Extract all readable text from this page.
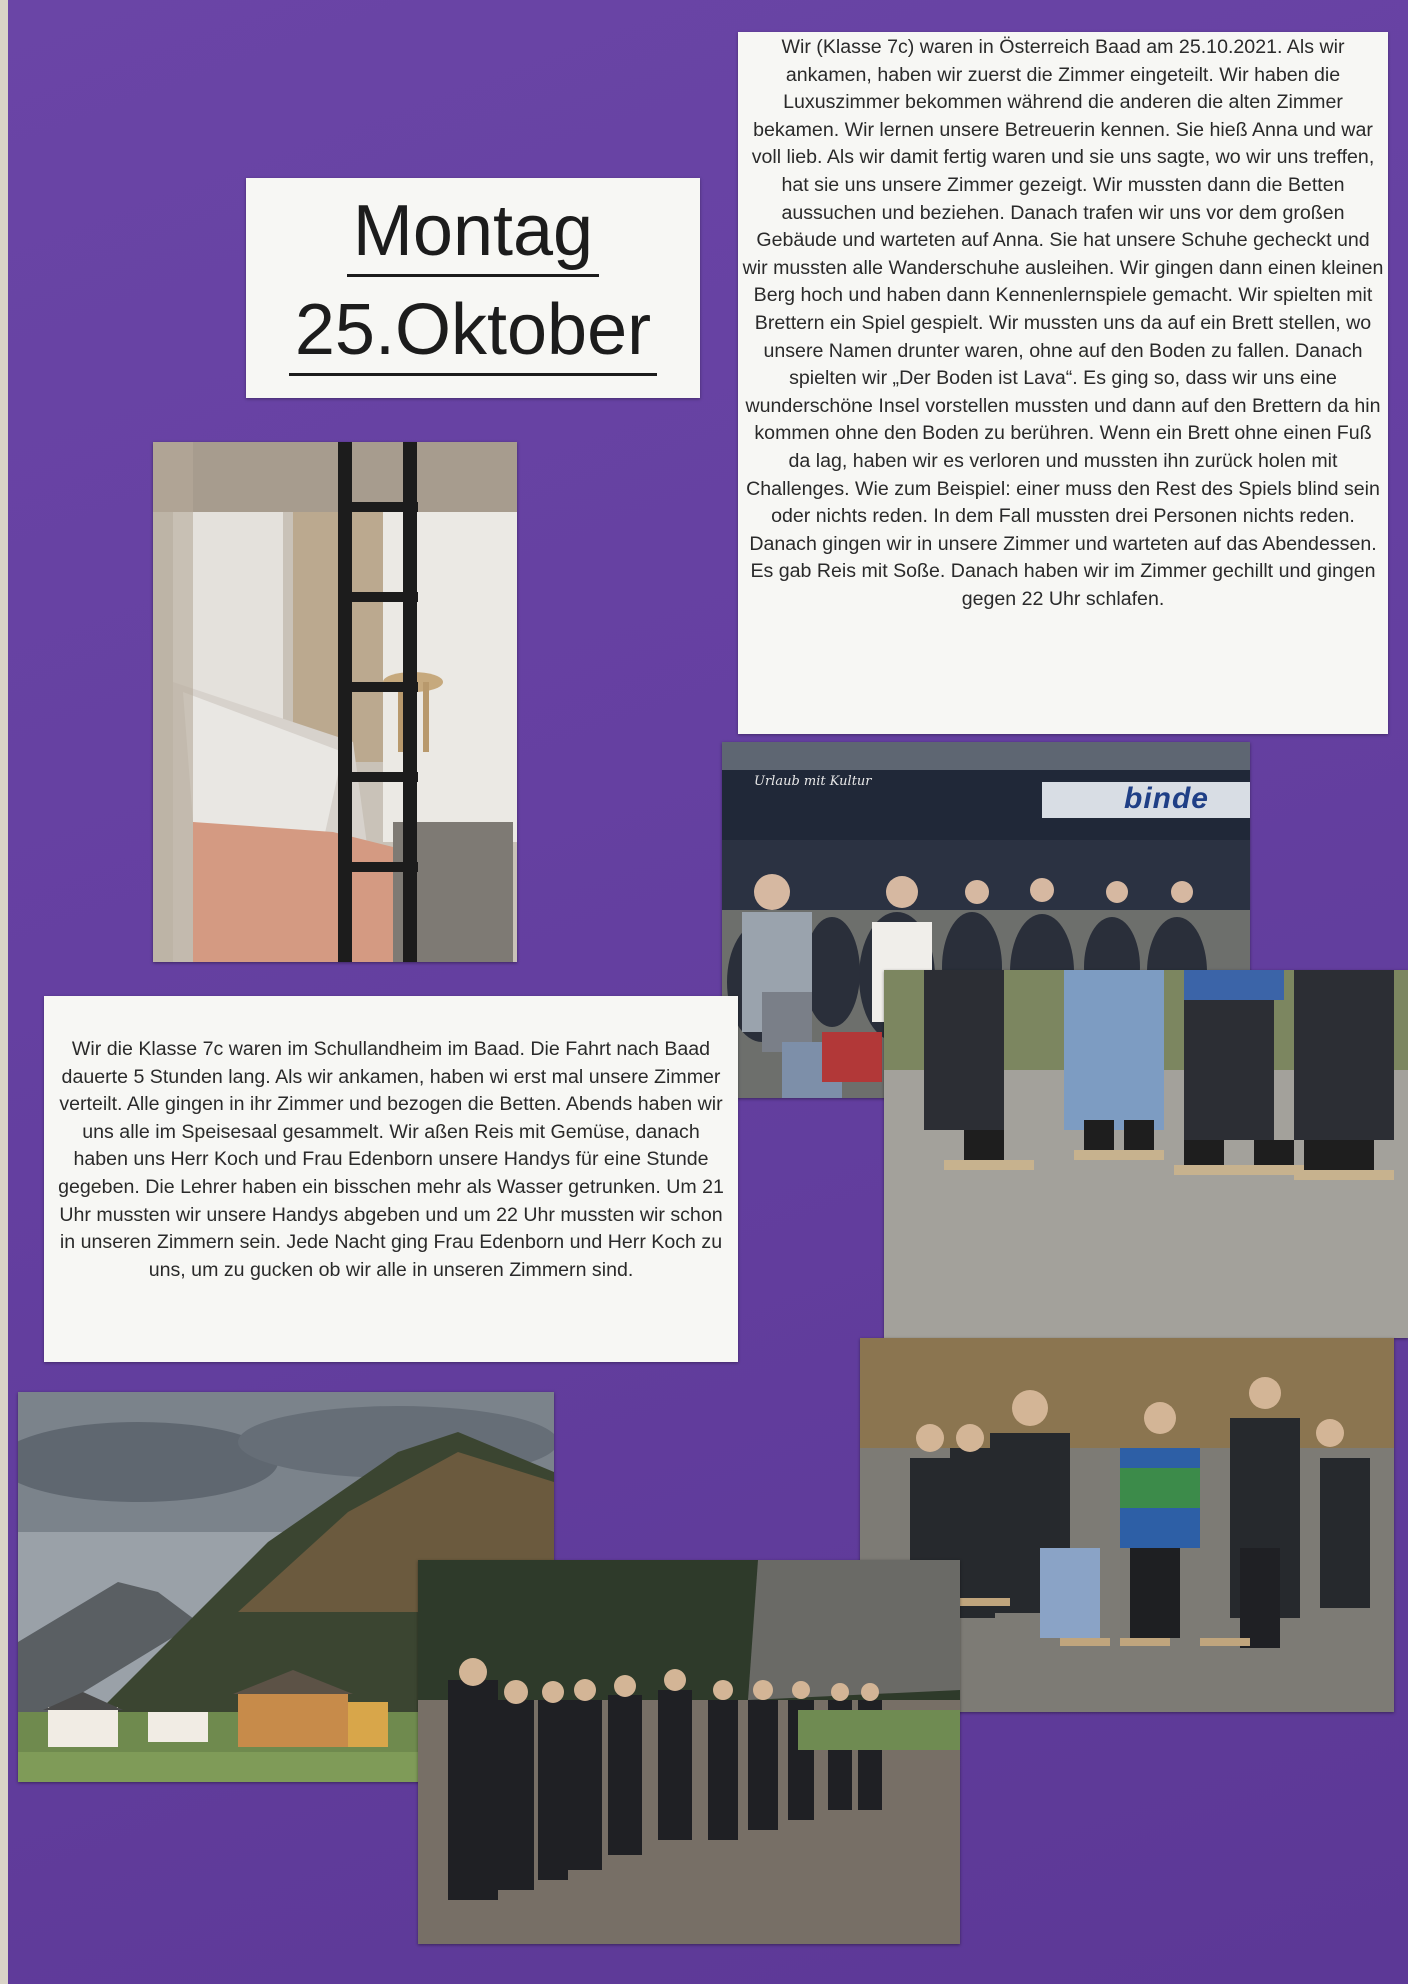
Montag
25.Oktober
Wir (Klasse 7c) waren in Österreich Baad am 25.10.2021. Als wir ankamen, haben wir zuerst die Zimmer eingeteilt. Wir haben die Luxuszimmer bekommen während die anderen die alten Zimmer bekamen. Wir lernen unsere Betreuerin kennen. Sie hieß Anna und war voll lieb. Als wir damit fertig waren und sie uns sagte, wo wir uns treffen, hat sie uns unsere Zimmer gezeigt. Wir mussten dann die Betten aussuchen und beziehen. Danach trafen wir uns vor dem großen Gebäude und warteten auf Anna. Sie hat unsere Schuhe gecheckt und wir mussten alle Wanderschuhe ausleihen. Wir gingen dann einen kleinen Berg hoch und haben dann Kennenlernspiele gemacht. Wir spielten mit Brettern ein Spiel gespielt. Wir mussten uns da auf ein Brett stellen, wo unsere Namen drunter waren, ohne auf den Boden zu fallen. Danach spielten wir „Der Boden ist Lava“. Es ging so, dass wir uns eine wunderschöne Insel vorstellen mussten und dann auf den Brettern da hin kommen ohne den Boden zu berühren. Wenn ein Brett ohne einen Fuß da lag, haben wir es verloren und mussten ihn zurück holen mit Challenges. Wie zum Beispiel: einer muss den Rest des Spiels blind sein oder nichts reden. In dem Fall mussten drei Personen nichts reden. Danach gingen wir in unsere Zimmer und warteten auf das Abendessen. Es gab Reis mit Soße. Danach haben wir im Zimmer gechillt und gingen gegen 22 Uhr schlafen.
Urlaub mit Kultur
binde
Wir die Klasse 7c waren im Schullandheim im Baad. Die Fahrt nach Baad dauerte 5 Stunden lang. Als wir ankamen, haben wi erst mal unsere Zimmer verteilt. Alle gingen in ihr Zimmer und bezogen die Betten. Abends haben wir uns alle im Speisesaal gesammelt. Wir aßen Reis mit Gemüse, danach haben uns Herr Koch und Frau Edenborn unsere Handys für eine Stunde gegeben. Die Lehrer haben ein bisschen mehr als Wasser getrunken. Um 21 Uhr mussten wir unsere Handys abgeben und um 22 Uhr mussten wir schon in unseren Zimmern sein. Jede Nacht ging Frau Edenborn und Herr Koch zu uns, um zu gucken ob wir alle in unseren Zimmern sind.
